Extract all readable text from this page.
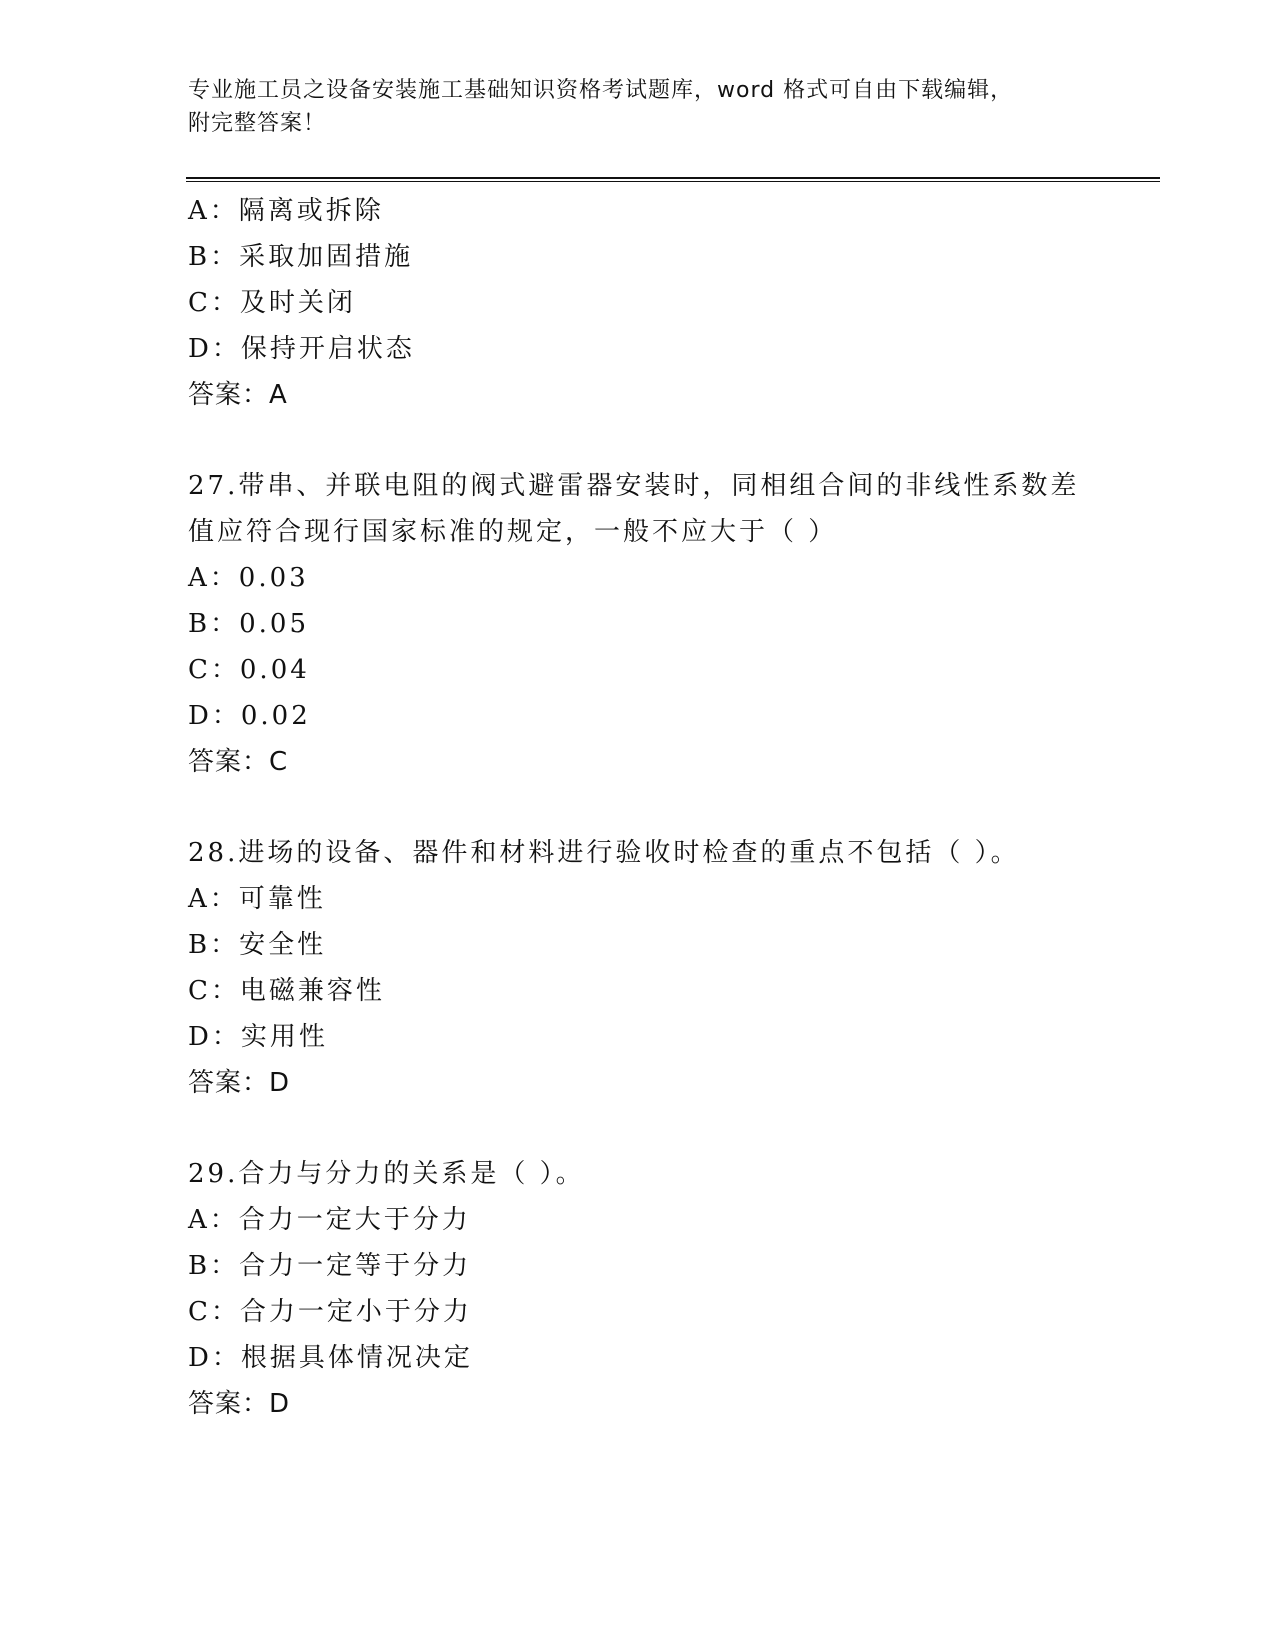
专业施工员之设备安装施工基础知识资格考试题库，word 格式可自由下载编辑，
附完整答案！
A：隔离或拆除
B：采取加固措施
C：及时关闭
D：保持开启状态
答案：A
27.带串、并联电阻的阀式避雷器安装时，同相组合间的非线性系数差
值应符合现行国家标准的规定，一般不应大于（ ）
A：0.03
B：0.05
C：0.04
D：0.02
答案：C
28.进场的设备、器件和材料进行验收时检查的重点不包括（ ）。
A：可靠性
B：安全性
C：电磁兼容性
D：实用性
答案：D
29.合力与分力的关系是（ ）。
A：合力一定大于分力
B：合力一定等于分力
C：合力一定小于分力
D：根据具体情况决定
答案：D
